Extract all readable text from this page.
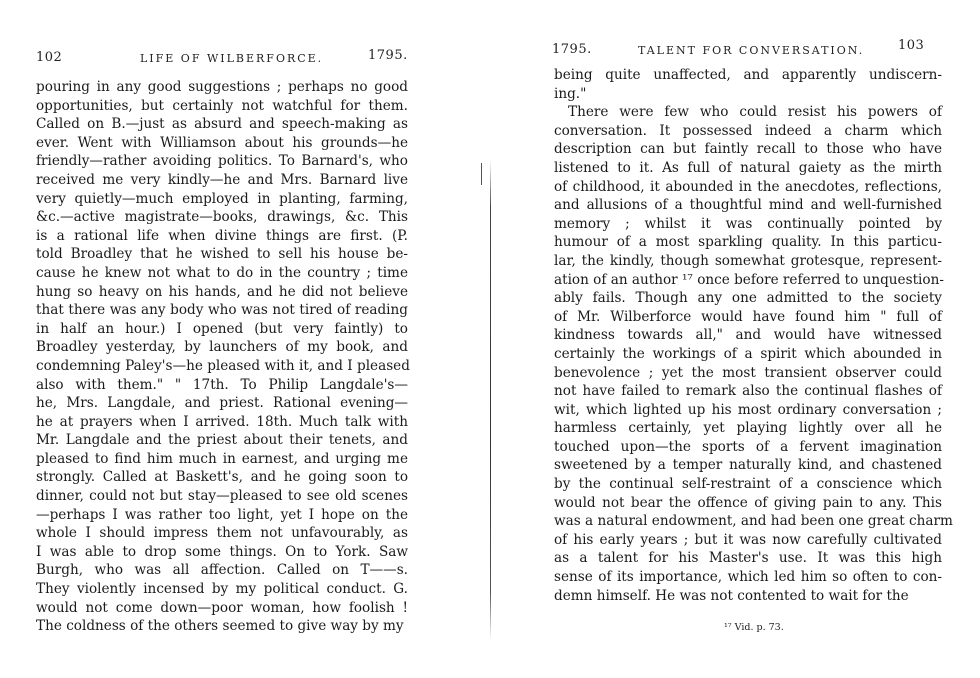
102	LIFE OF WILBERFORCE.	1795.
pouring in any good suggestions ; perhaps no good
opportunities, but certainly not watchful for them.
Called on B.—just as absurd and speech-making as
ever. Went with Williamson about his grounds—he
friendly—rather avoiding politics. To Barnard's, who
received me very kindly—he and Mrs. Barnard live
very quietly—much employed in planting, farming,
&c.—active magistrate—books, drawings, &c. This
is a rational life when divine things are first. (P.
told Broadley that he wished to sell his house be-
cause he knew not what to do in the country ; time
hung so heavy on his hands, and he did not believe
that there was any body who was not tired of reading
in half an hour.) I opened (but very faintly) to
Broadley yesterday, by launchers of my book, and
condemning Paley's—he pleased with it, and I pleased
also with them." " 17th. To Philip Langdale's—
he, Mrs. Langdale, and priest. Rational evening—
he at prayers when I arrived. 18th. Much talk with
Mr. Langdale and the priest about their tenets, and
pleased to find him much in earnest, and urging me
strongly. Called at Baskett's, and he going soon to
dinner, could not but stay—pleased to see old scenes
—perhaps I was rather too light, yet I hope on the
whole I should impress them not unfavourably, as
I was able to drop some things. On to York. Saw
Burgh, who was all affection. Called on T——s.
They violently incensed by my political conduct. G.
would not come down—poor woman, how foolish !
The coldness of the others seemed to give way by my
1795.	TALENT FOR CONVERSATION.	103
being quite unaffected, and apparently undiscern-
ing."
There were few who could resist his powers of
conversation. It possessed indeed a charm which
description can but faintly recall to those who have
listened to it. As full of natural gaiety as the mirth
of childhood, it abounded in the anecdotes, reflections,
and allusions of a thoughtful mind and well-furnished
memory ; whilst it was continually pointed by
humour of a most sparkling quality. In this particu-
lar, the kindly, though somewhat grotesque, represent-
ation of an author ¹⁷ once before referred to unquestion-
ably fails. Though any one admitted to the society
of Mr. Wilberforce would have found him " full of
kindness towards all," and would have witnessed
certainly the workings of a spirit which abounded in
benevolence ; yet the most transient observer could
not have failed to remark also the continual flashes of
wit, which lighted up his most ordinary conversation ;
harmless certainly, yet playing lightly over all he
touched upon—the sports of a fervent imagination
sweetened by a temper naturally kind, and chastened
by the continual self-restraint of a conscience which
would not bear the offence of giving pain to any. This
was a natural endowment, and had been one great charm
of his early years ; but it was now carefully cultivated
as a talent for his Master's use. It was this high
sense of its importance, which led him so often to con-
demn himself. He was not contented to wait for the
¹⁷ Vid. p. 73.
